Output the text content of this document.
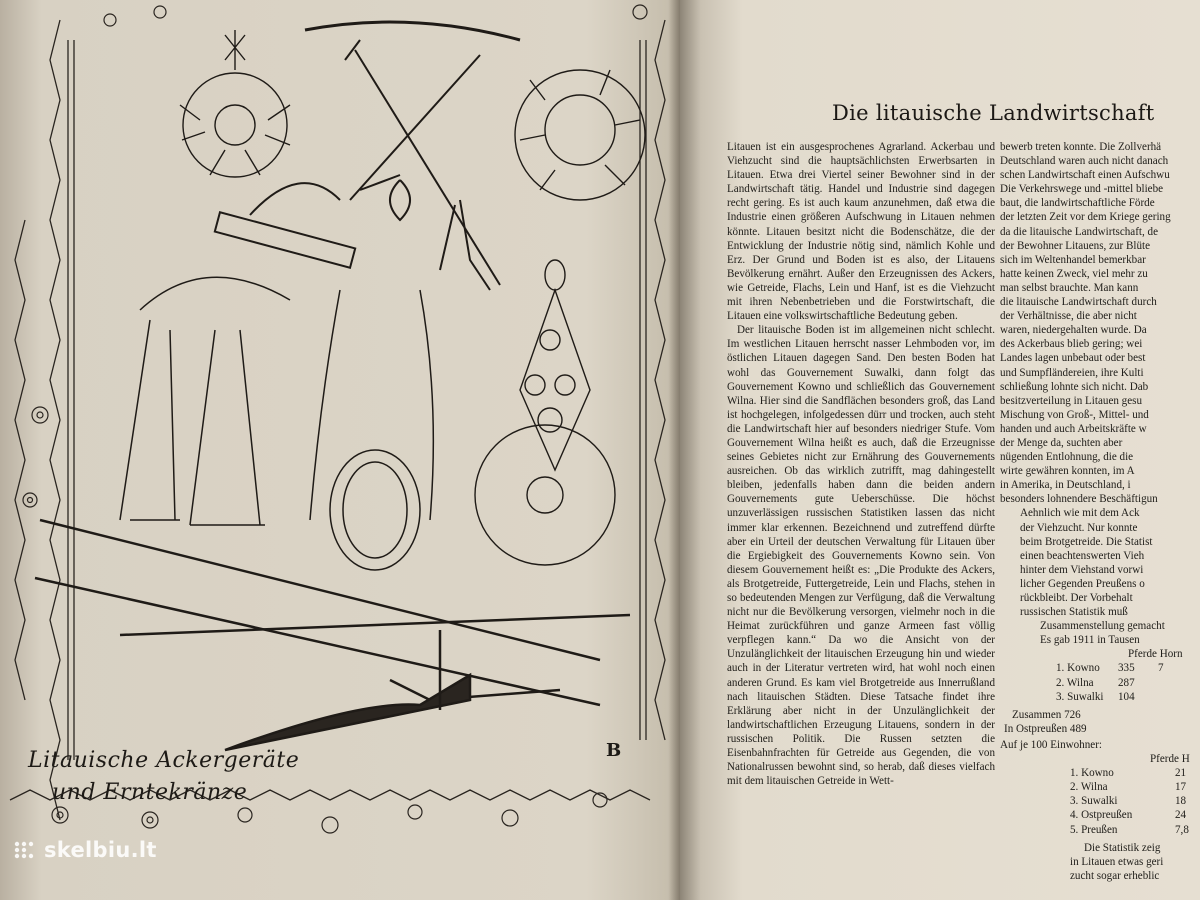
Litauische Ackergeräte
und Erntekränze
B
Die litauische Landwirtschaft

Litauen ist ein ausgesprochenes Agrarland. Ackerbau und Viehzucht sind die hauptsächlichsten Erwerbsarten in Litauen. Etwa drei Viertel seiner Bewohner sind in der Landwirtschaft tätig. Handel und Industrie sind dagegen recht gering. Es ist auch kaum anzunehmen, daß etwa die Industrie einen größeren Aufschwung in Litauen nehmen könnte. Litauen besitzt nicht die Bodenschätze, die der Entwicklung der Industrie nötig sind, nämlich Kohle und Erz. Der Grund und Boden ist es also, der Litauens Bevölkerung ernährt. Außer den Erzeugnissen des Ackers, wie Getreide, Flachs, Lein und Hanf, ist es die Viehzucht mit ihren Nebenbetrieben und die Forstwirtschaft, die Litauen eine volkswirtschaftliche Bedeutung geben.

Der litauische Boden ist im allgemeinen nicht schlecht. Im westlichen Litauen herrscht nasser Lehmboden vor, im östlichen Litauen dagegen Sand. Den besten Boden hat wohl das Gouvernement Suwalki, dann folgt das Gouvernement Kowno und schließlich das Gouvernement Wilna. Hier sind die Sandflächen besonders groß, das Land ist hochgelegen, infolgedessen dürr und trocken, auch steht die Landwirtschaft hier auf besonders niedriger Stufe. Vom Gouvernement Wilna heißt es auch, daß die Erzeugnisse seines Gebietes nicht zur Ernährung des Gouvernements ausreichen. Ob das wirklich zutrifft, mag dahingestellt bleiben, jedenfalls haben dann die beiden andern Gouvernements gute Ueberschüsse. Die höchst unzuverlässigen russischen Statistiken lassen das nicht immer klar erkennen. Bezeichnend und zutreffend dürfte aber ein Urteil der deutschen Verwaltung für Litauen über die Ergiebigkeit des Gouvernements Kowno sein. Von diesem Gouvernement heißt es: „Die Produkte des Ackers, als Brotgetreide, Futtergetreide, Lein und Flachs, stehen in so bedeutenden Mengen zur Verfügung, daß die Verwaltung nicht nur die Bevölkerung versorgen, vielmehr noch in die Heimat zurückführen und ganze Armeen fast völlig verpflegen kann.“ Da wo die Ansicht von der Unzulänglichkeit der litauischen Erzeugung hin und wieder auch in der Literatur vertreten wird, hat wohl noch einen anderen Grund. Es kam viel Brotgetreide aus Innerrußland nach litauischen Städten. Diese Tatsache findet ihre Erklärung aber nicht in der Unzulänglichkeit der landwirtschaftlichen Erzeugung Litauens, sondern in der russischen Politik. Die Russen setzten die Eisenbahnfrachten für Getreide aus Gegenden, die von Nationalrussen bewohnt sind, so herab, daß dieses vielfach mit dem litauischen Getreide in Wett-

bewerb treten konnte. Die Zollverhä
Deutschland waren auch nicht danach
schen Landwirtschaft einen Aufschwu
Die Verkehrswege und -mittel bliebe
baut, die landwirtschaftliche Förde
der letzten Zeit vor dem Kriege gering
da die litauische Landwirtschaft, de
der Bewohner Litauens, zur Blüte
sich im Weltenhandel bemerkbar
hatte keinen Zweck, viel mehr zu
man selbst brauchte. Man kann
die litauische Landwirtschaft durch
der Verhältnisse, die aber nicht
waren, niedergehalten wurde. Da
des Ackerbaus blieb gering; wei
Landes lagen unbebaut oder best
und Sumpfländereien, ihre Kulti
schließung lohnte sich nicht. Dab
besitzverteilung in Litauen gesu
Mischung von Groß-, Mittel- und
handen und auch Arbeitskräfte w
der Menge da, suchten aber
nügenden Entlohnung, die die
wirte gewähren konnten, im A
in Amerika, in Deutschland, i
besonders lohnendere Beschäftigun
Aehnlich wie mit dem Ack
der Viehzucht. Nur konnte
beim Brotgetreide. Die Statist
einen beachtenswerten Vieh
hinter dem Viehstand vorwi
licher Gegenden Preußens o
rückbleibt. Der Vorbehalt
russischen Statistik muß
Zusammenstellung gemacht
Es gab 1911 in Tausen
Pferde Horn
1. Kowno 335 7
2. Wilna 287
3. Suwalki 104
Zusammen 726
In Ostpreußen 489
Auf je 100 Einwohner:
Pferde H
1. Kowno	21
2. Wilna	17
3. Suwalki	18
4. Ostpreußen	24
5. Preußen	7,8
Die Statistik zeig
in Litauen etwas geri
zucht sogar erheblic
skelbiu.lt
